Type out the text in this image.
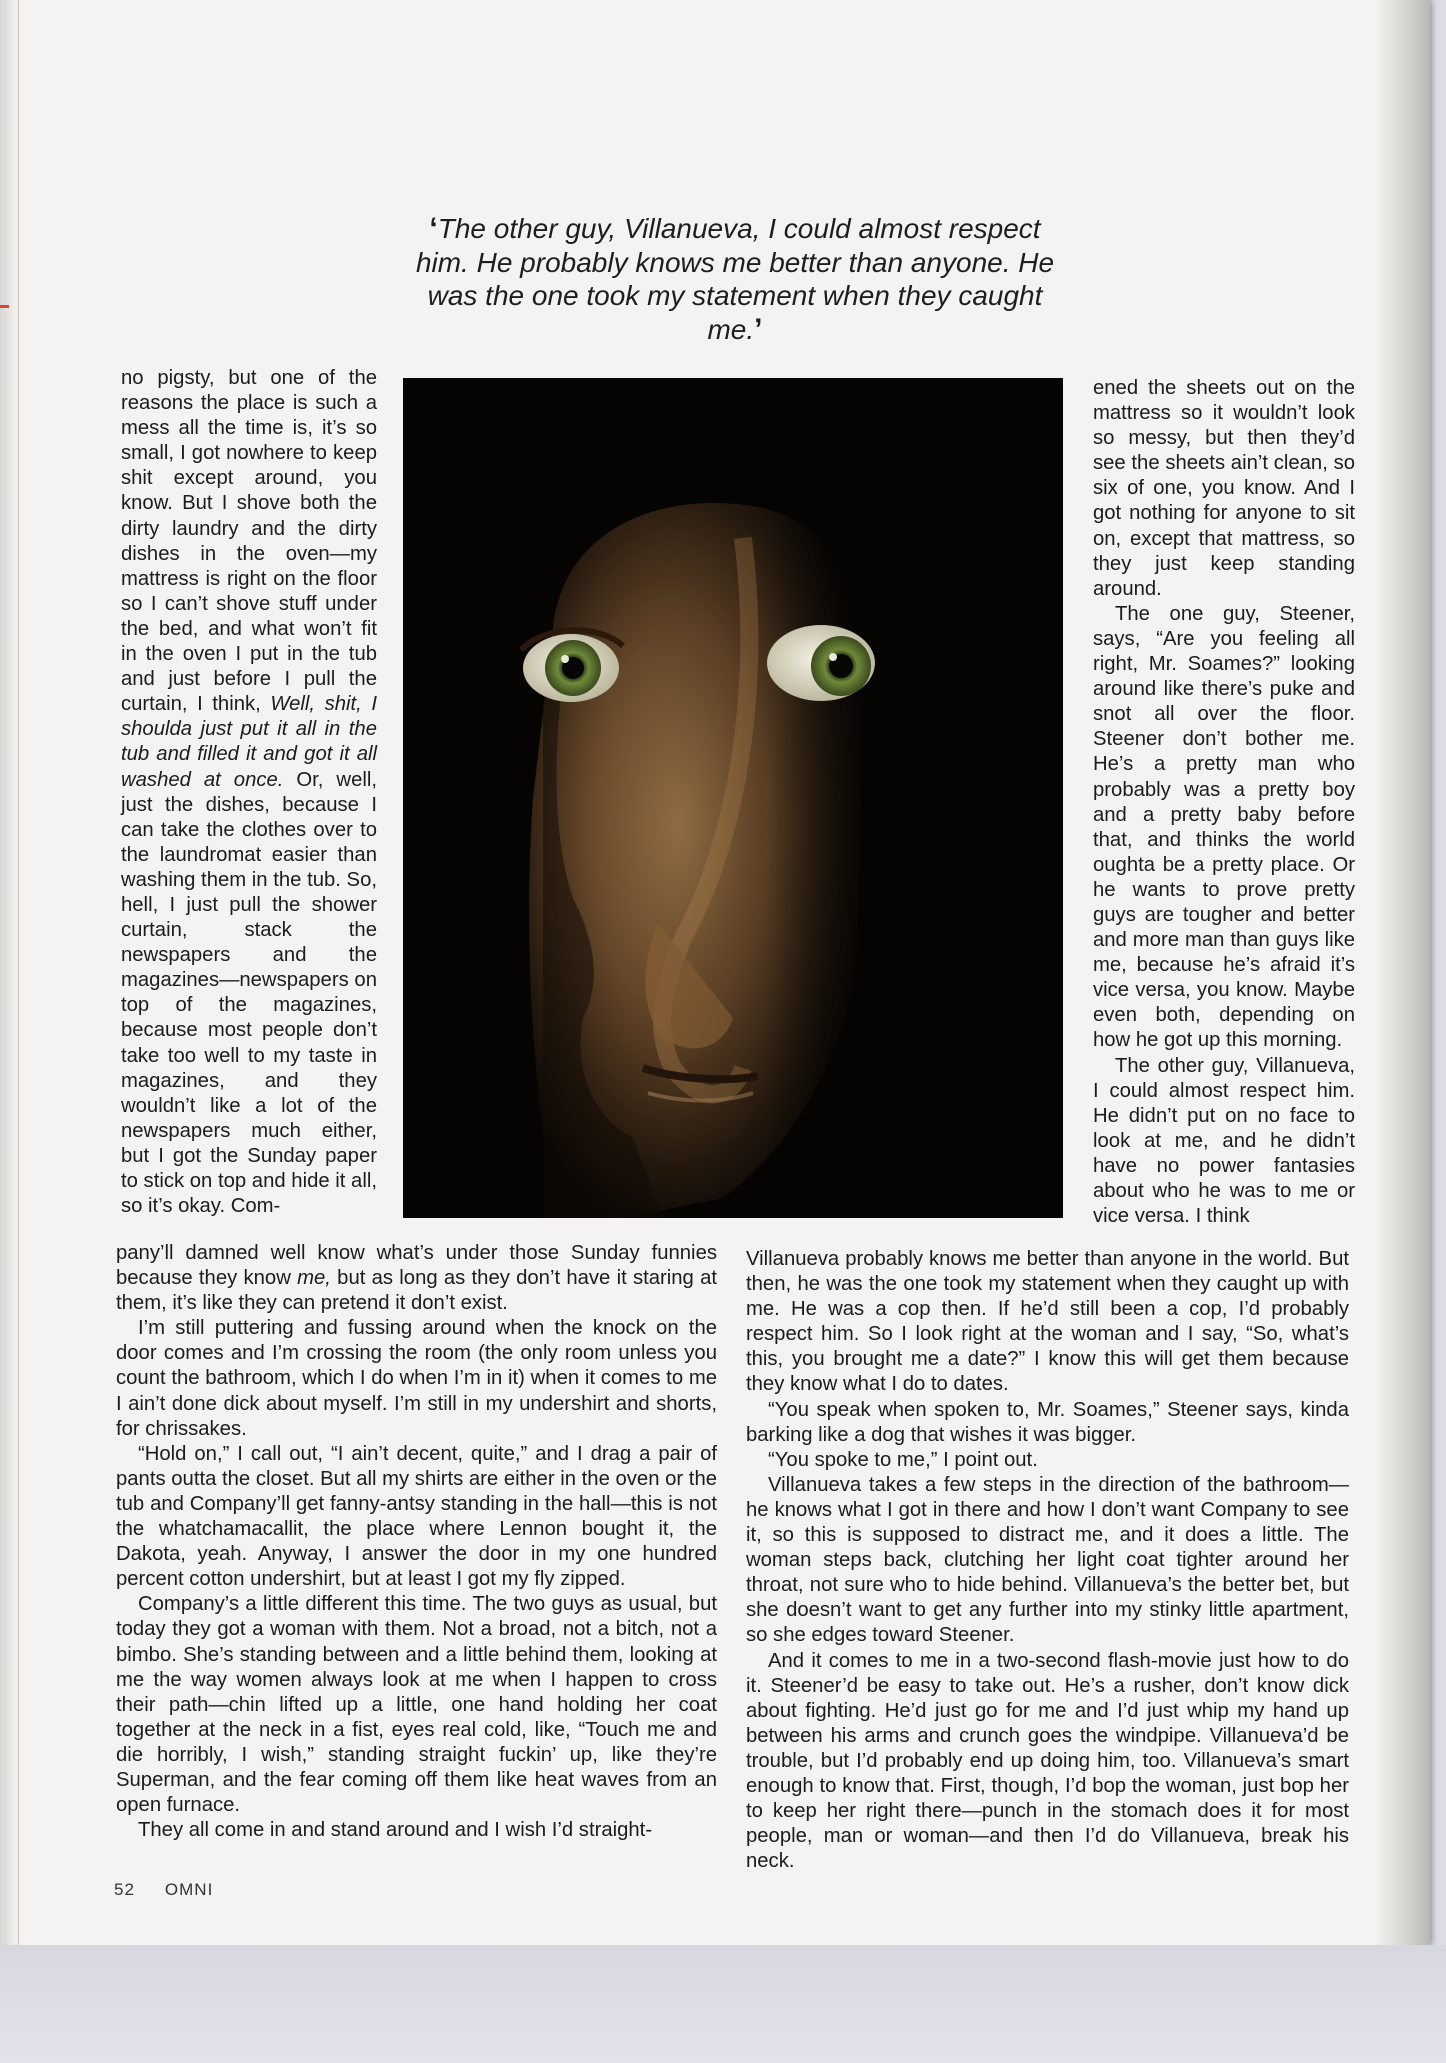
‘The other guy, Villanueva, I could almost respect him. He probably knows me better than anyone. He was the one took my statement when they caught me.’

no pigsty, but one of the reasons the place is such a mess all the time is, it’s so small, I got nowhere to keep shit except around, you know. But I shove both the dirty laundry and the dirty dishes in the oven—my mattress is right on the floor so I can’t shove stuff under the bed, and what won’t fit in the oven I put in the tub and just before I pull the curtain, I think, Well, shit, I shoulda just put it all in the tub and filled it and got it all washed at once. Or, well, just the dishes, because I can take the clothes over to the laundromat easier than washing them in the tub. So, hell, I just pull the shower curtain, stack the newspapers and the magazines—newspapers on top of the magazines, because most people don’t take too well to my taste in magazines, and they wouldn’t like a lot of the newspapers much either, but I got the Sunday paper to stick on top and hide it all, so it’s okay. Com-

ened the sheets out on the mattress so it wouldn’t look so messy, but then they’d see the sheets ain’t clean, so six of one, you know. And I got nothing for anyone to sit on, except that mattress, so they just keep standing around.

The one guy, Steener, says, “Are you feeling all right, Mr. Soames?” looking around like there’s puke and snot all over the floor. Steener don’t bother me. He’s a pretty man who probably was a pretty boy and a pretty baby before that, and thinks the world oughta be a pretty place. Or he wants to prove pretty guys are tougher and better and more man than guys like me, because he’s afraid it’s vice versa, you know. Maybe even both, depending on how he got up this morning.

The other guy, Villanueva, I could almost respect him. He didn’t put on no face to look at me, and he didn’t have no power fantasies about who he was to me or vice versa. I think

pany’ll damned well know what’s under those Sunday funnies because they know me, but as long as they don’t have it staring at them, it’s like they can pretend it don’t exist.

I’m still puttering and fussing around when the knock on the door comes and I’m crossing the room (the only room unless you count the bathroom, which I do when I’m in it) when it comes to me I ain’t done dick about myself. I’m still in my undershirt and shorts, for chrissakes.

“Hold on,” I call out, “I ain’t decent, quite,” and I drag a pair of pants outta the closet. But all my shirts are either in the oven or the tub and Company’ll get fanny-antsy standing in the hall—this is not the whatchamacallit, the place where Lennon bought it, the Dakota, yeah. Anyway, I answer the door in my one hundred percent cotton undershirt, but at least I got my fly zipped.

Company’s a little different this time. The two guys as usual, but today they got a woman with them. Not a broad, not a bitch, not a bimbo. She’s standing between and a little behind them, looking at me the way women always look at me when I happen to cross their path—chin lifted up a little, one hand holding her coat together at the neck in a fist, eyes real cold, like, “Touch me and die horribly, I wish,” standing straight fuckin’ up, like they’re Superman, and the fear coming off them like heat waves from an open furnace.

They all come in and stand around and I wish I’d straight-

Villanueva probably knows me better than anyone in the world. But then, he was the one took my statement when they caught up with me. He was a cop then. If he’d still been a cop, I’d probably respect him. So I look right at the woman and I say, “So, what’s this, you brought me a date?” I know this will get them because they know what I do to dates.

“You speak when spoken to, Mr. Soames,” Steener says, kinda barking like a dog that wishes it was bigger.

“You spoke to me,” I point out.

Villanueva takes a few steps in the direction of the bathroom—he knows what I got in there and how I don’t want Company to see it, so this is supposed to distract me, and it does a little. The woman steps back, clutching her light coat tighter around her throat, not sure who to hide behind. Villanueva’s the better bet, but she doesn’t want to get any further into my stinky little apartment, so she edges toward Steener.

And it comes to me in a two-second flash-movie just how to do it. Steener’d be easy to take out. He’s a rusher, don’t know dick about fighting. He’d just go for me and I’d just whip my hand up between his arms and crunch goes the windpipe. Villanueva’d be trouble, but I’d probably end up doing him, too. Villanueva’s smart enough to know that. First, though, I’d bop the woman, just bop her to keep her right there—punch in the stomach does it for most people, man or woman—and then I’d do Villanueva, break his neck.

52 OMNI
